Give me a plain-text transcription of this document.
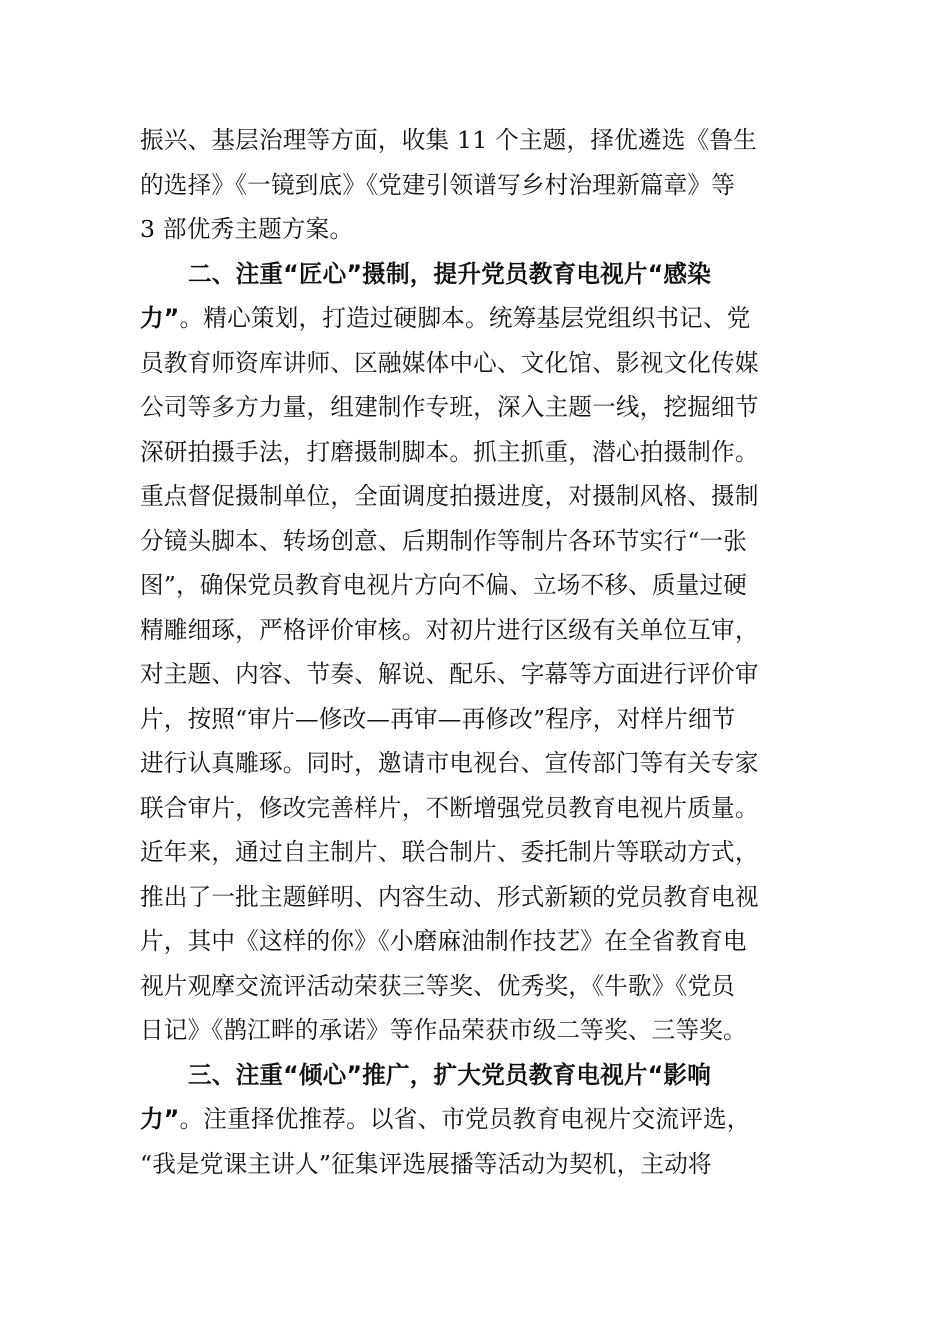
振兴、基层治理等方面，收集 11 个主题，择优遴选《鲁生
的选择》《一镜到底》《党建引领谱写乡村治理新篇章》等
3 部优秀主题方案。
二、注重“匠心”摄制，提升党员教育电视片“感染
力”。精心策划，打造过硬脚本。统筹基层党组织书记、党
员教育师资库讲师、区融媒体中心、文化馆、影视文化传媒
公司等多方力量，组建制作专班，深入主题一线，挖掘细节
深研拍摄手法，打磨摄制脚本。抓主抓重，潜心拍摄制作。
重点督促摄制单位，全面调度拍摄进度，对摄制风格、摄制
分镜头脚本、转场创意、后期制作等制片各环节实行“一张
图”，确保党员教育电视片方向不偏、立场不移、质量过硬
精雕细琢，严格评价审核。对初片进行区级有关单位互审，
对主题、内容、节奏、解说、配乐、字幕等方面进行评价审
片，按照“审片—修改—再审—再修改”程序，对样片细节
进行认真雕琢。同时，邀请市电视台、宣传部门等有关专家
联合审片，修改完善样片，不断增强党员教育电视片质量。
近年来，通过自主制片、联合制片、委托制片等联动方式，
推出了一批主题鲜明、内容生动、形式新颖的党员教育电视
片，其中《这样的你》《小磨麻油制作技艺》在全省教育电
视片观摩交流评活动荣获三等奖、优秀奖，《牛歌》《党员
日记》《鹊江畔的承诺》等作品荣获市级二等奖、三等奖。
三、注重“倾心”推广，扩大党员教育电视片“影响
力”。注重择优推荐。以省、市党员教育电视片交流评选，
“我是党课主讲人”征集评选展播等活动为契机，主动将
